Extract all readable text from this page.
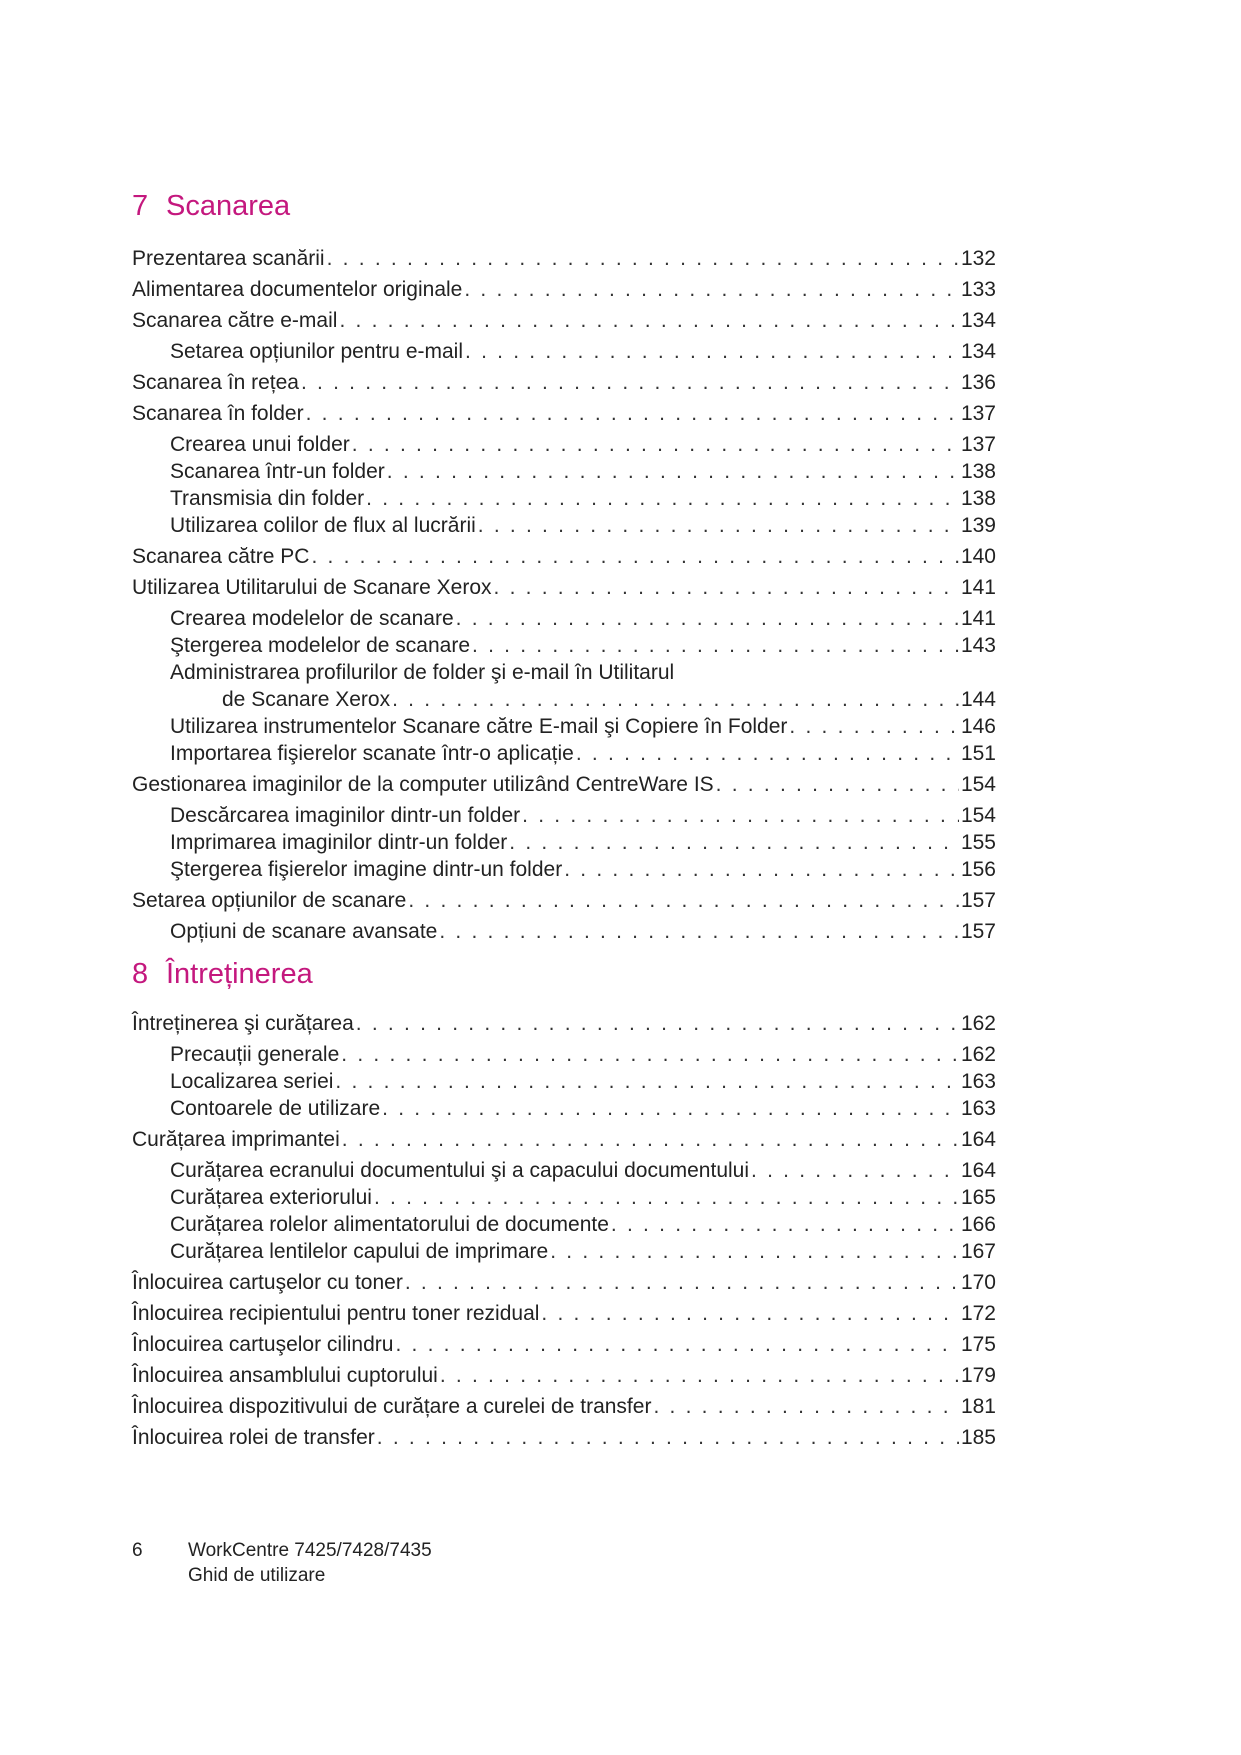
7 Scanarea
Prezentarea scanării . . .	132
Alimentarea documentelor originale . . .	133
Scanarea către e-mail . . .	134
Setarea opțiunilor pentru e-mail . . .	134
Scanarea în rețea . . .	136
Scanarea în folder . . .	137
Crearea unui folder . . .	137
Scanarea într-un folder . . .	138
Transmisia din folder . . .	138
Utilizarea colilor de flux al lucrării . . .	139
Scanarea către PC . . .	140
Utilizarea Utilitarului de Scanare Xerox . . .	141
Crearea modelelor de scanare . . .	141
Ştergerea modelelor de scanare . . .	143
Administrarea profilurilor de folder şi e-mail în Utilitarul
de Scanare Xerox . . .	144
Utilizarea instrumentelor Scanare către E-mail şi Copiere în Folder . . .	146
Importarea fişierelor scanate într-o aplicație . . .	151
Gestionarea imaginilor de la computer utilizând CentreWare IS . . .	154
Descărcarea imaginilor dintr-un folder . . .	154
Imprimarea imaginilor dintr-un folder . . .	155
Ştergerea fişierelor imagine dintr-un folder . . .	156
Setarea opțiunilor de scanare . . .	157
Opțiuni de scanare avansate . . .	157
8 Întreținerea
Întreținerea şi curățarea . . .	162
Precauții generale . . .	162
Localizarea seriei . . .	163
Contoarele de utilizare . . .	163
Curățarea imprimantei . . .	164
Curățarea ecranului documentului şi a capacului documentului . . .	164
Curățarea exteriorului . . .	165
Curățarea rolelor alimentatorului de documente . . .	166
Curățarea lentilelor capului de imprimare . . .	167
Înlocuirea cartuşelor cu toner . . .	170
Înlocuirea recipientului pentru toner rezidual . . .	172
Înlocuirea cartuşelor cilindru . . .	175
Înlocuirea ansamblului cuptorului . . .	179
Înlocuirea dispozitivului de curățare a curelei de transfer . . .	181
Înlocuirea rolei de transfer . . .	185
6 WorkCentre 7425/7428/7435
Ghid de utilizare
